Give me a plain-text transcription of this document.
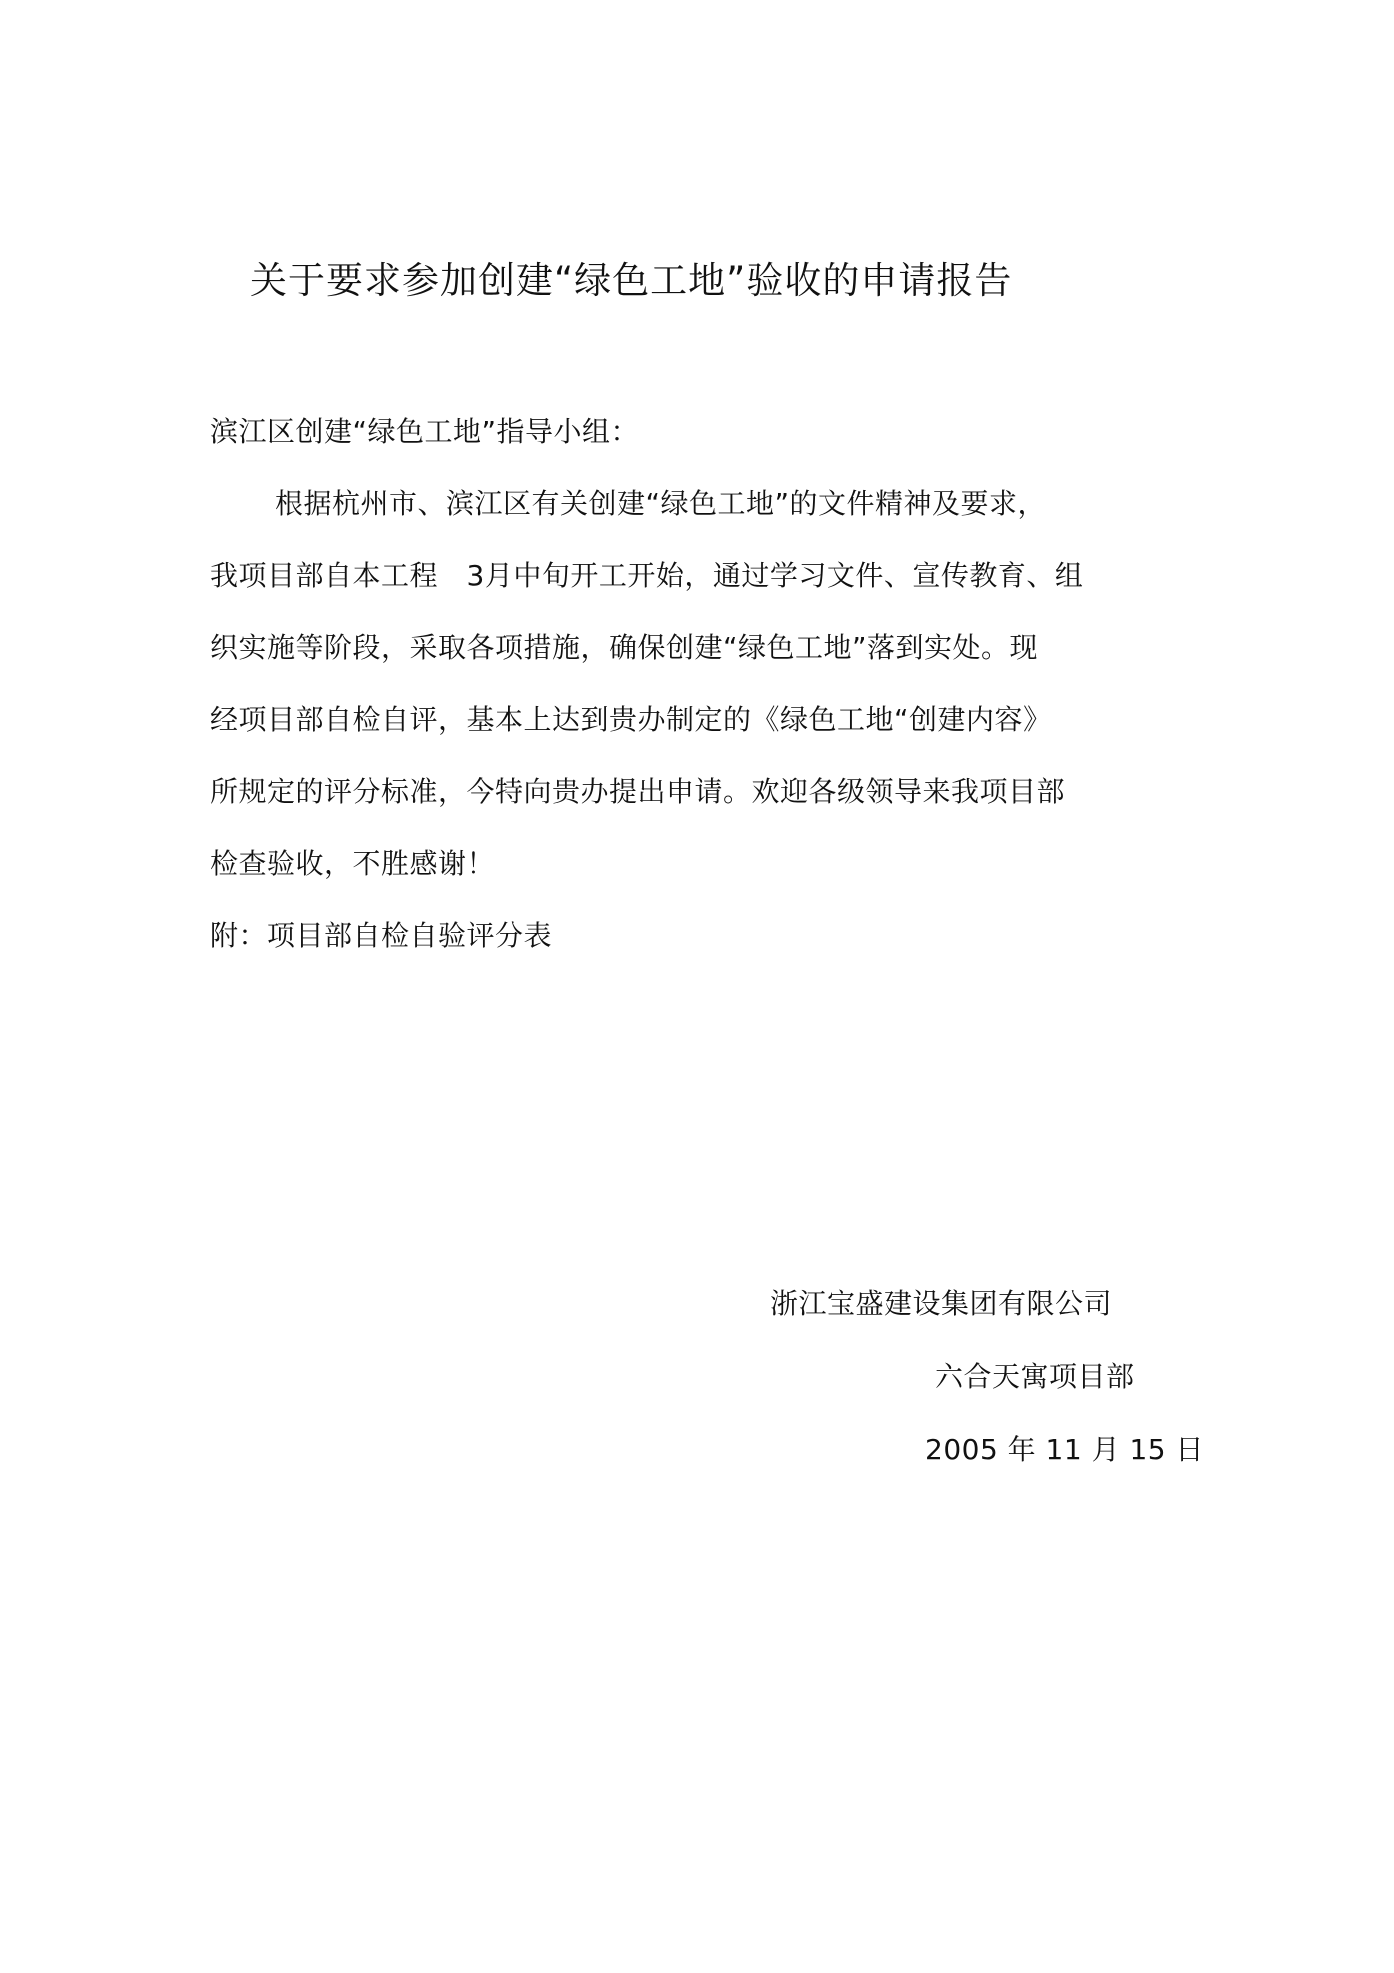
关于要求参加创建“绿色工地”验收的申请报告
滨江区创建“绿色工地”指导小组：
根据杭州市、滨江区有关创建“绿色工地”的文件精神及要求，
我项目部自本工程　3月中旬开工开始，通过学习文件、宣传教育、组
织实施等阶段，采取各项措施，确保创建“绿色工地”落到实处。现
经项目部自检自评，基本上达到贵办制定的《绿色工地“创建内容》
所规定的评分标准，今特向贵办提出申请。欢迎各级领导来我项目部
检查验收，不胜感谢！
附：项目部自检自验评分表
浙江宝盛建设集团有限公司
六合天寓项目部
2005 年 11 月 15 日
